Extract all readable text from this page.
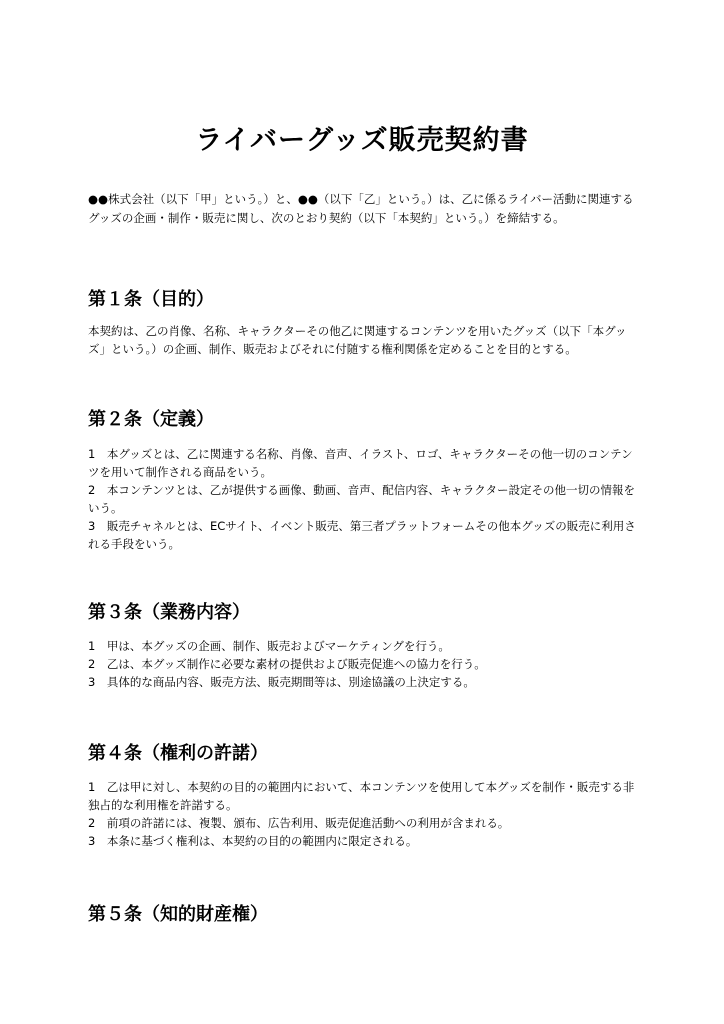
ライバーグッズ販売契約書

●●株式会社（以下「甲」という。）と、●●（以下「乙」という。）は、乙に係るライバー活動に関連するグッズの企画・制作・販売に関し、次のとおり契約（以下「本契約」という。）を締結する。

第１条（目的）

本契約は、乙の肖像、名称、キャラクターその他乙に関連するコンテンツを用いたグッズ（以下「本グッズ」という。）の企画、制作、販売およびそれに付随する権利関係を定めることを目的とする。

第２条（定義）

1　本グッズとは、乙に関連する名称、肖像、音声、イラスト、ロゴ、キャラクターその他一切のコンテンツを用いて制作される商品をいう。

2　本コンテンツとは、乙が提供する画像、動画、音声、配信内容、キャラクター設定その他一切の情報をいう。

3　販売チャネルとは、ECサイト、イベント販売、第三者プラットフォームその他本グッズの販売に利用される手段をいう。

第３条（業務内容）

1　甲は、本グッズの企画、制作、販売およびマーケティングを行う。

2　乙は、本グッズ制作に必要な素材の提供および販売促進への協力を行う。

3　具体的な商品内容、販売方法、販売期間等は、別途協議の上決定する。

第４条（権利の許諾）

1　乙は甲に対し、本契約の目的の範囲内において、本コンテンツを使用して本グッズを制作・販売する非独占的な利用権を許諾する。

2　前項の許諾には、複製、頒布、広告利用、販売促進活動への利用が含まれる。

3　本条に基づく権利は、本契約の目的の範囲内に限定される。

第５条（知的財産権）
